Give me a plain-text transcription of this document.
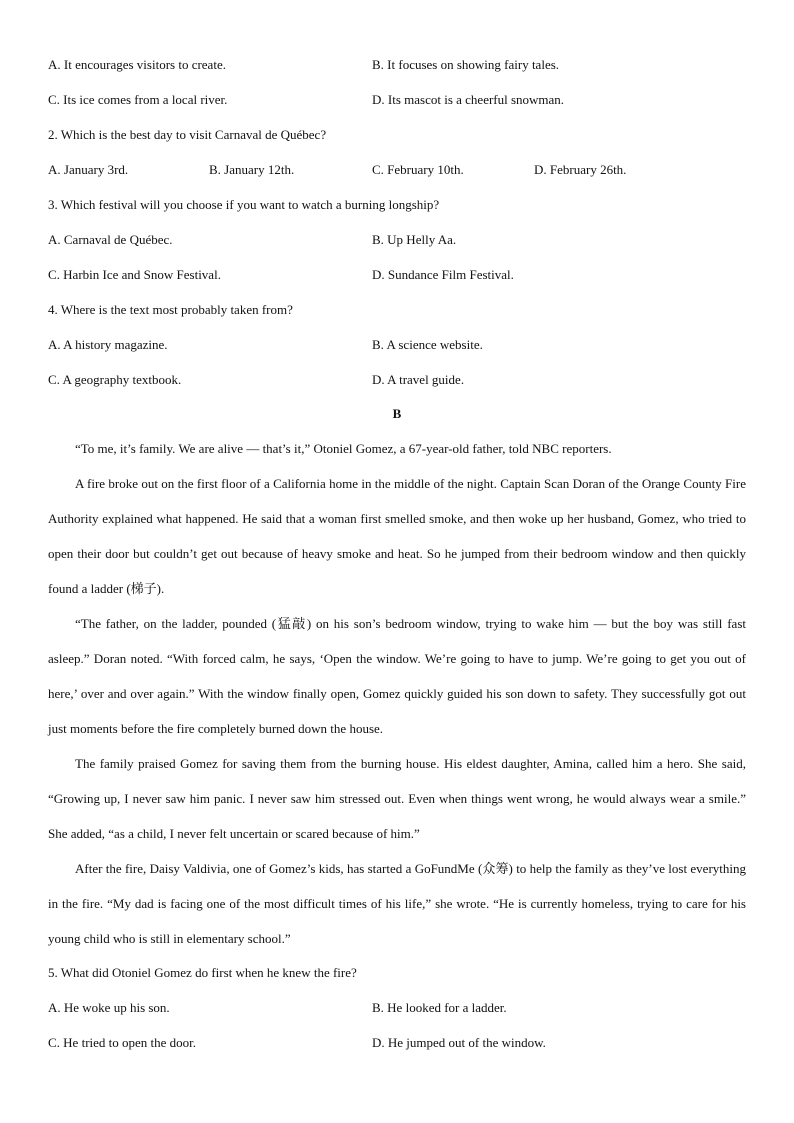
A. It encourages visitors to create.	B. It focuses on showing fairy tales.
C. Its ice comes from a local river.	D. Its mascot is a cheerful snowman.
2. Which is the best day to visit Carnaval de Québec?
A. January 3rd.	B. January 12th.	C. February 10th.	D. February 26th.
3. Which festival will you choose if you want to watch a burning longship?
A. Carnaval de Québec.	B. Up Helly Aa.
C. Harbin Ice and Snow Festival.	D. Sundance Film Festival.
4. Where is the text most probably taken from?
A. A history magazine.	B. A science website.
C. A geography textbook.	D. A travel guide.
B
“To me, it’s family. We are alive — that’s it,” Otoniel Gomez, a 67-year-old father, told NBC reporters.
A fire broke out on the first floor of a California home in the middle of the night. Captain Scan Doran of the Orange County Fire Authority explained what happened. He said that a woman first smelled smoke, and then woke up her husband, Gomez, who tried to open their door but couldn’t get out because of heavy smoke and heat. So he jumped from their bedroom window and then quickly found a ladder (梯子).
“The father, on the ladder, pounded (猛敲) on his son’s bedroom window, trying to wake him — but the boy was still fast asleep.” Doran noted. “With forced calm, he says, ‘Open the window. We’re going to have to jump. We’re going to get you out of here,’ over and over again.” With the window finally open, Gomez quickly guided his son down to safety. They successfully got out just moments before the fire completely burned down the house.
The family praised Gomez for saving them from the burning house. His eldest daughter, Amina, called him a hero. She said, “Growing up, I never saw him panic. I never saw him stressed out. Even when things went wrong, he would always wear a smile.” She added, “as a child, I never felt uncertain or scared because of him.”
After the fire, Daisy Valdivia, one of Gomez’s kids, has started a GoFundMe (众筹) to help the family as they’ve lost everything in the fire. “My dad is facing one of the most difficult times of his life,” she wrote. “He is currently homeless, trying to care for his young child who is still in elementary school.”
5. What did Otoniel Gomez do first when he knew the fire?
A. He woke up his son.	B. He looked for a ladder.
C. He tried to open the door.	D. He jumped out of the window.
